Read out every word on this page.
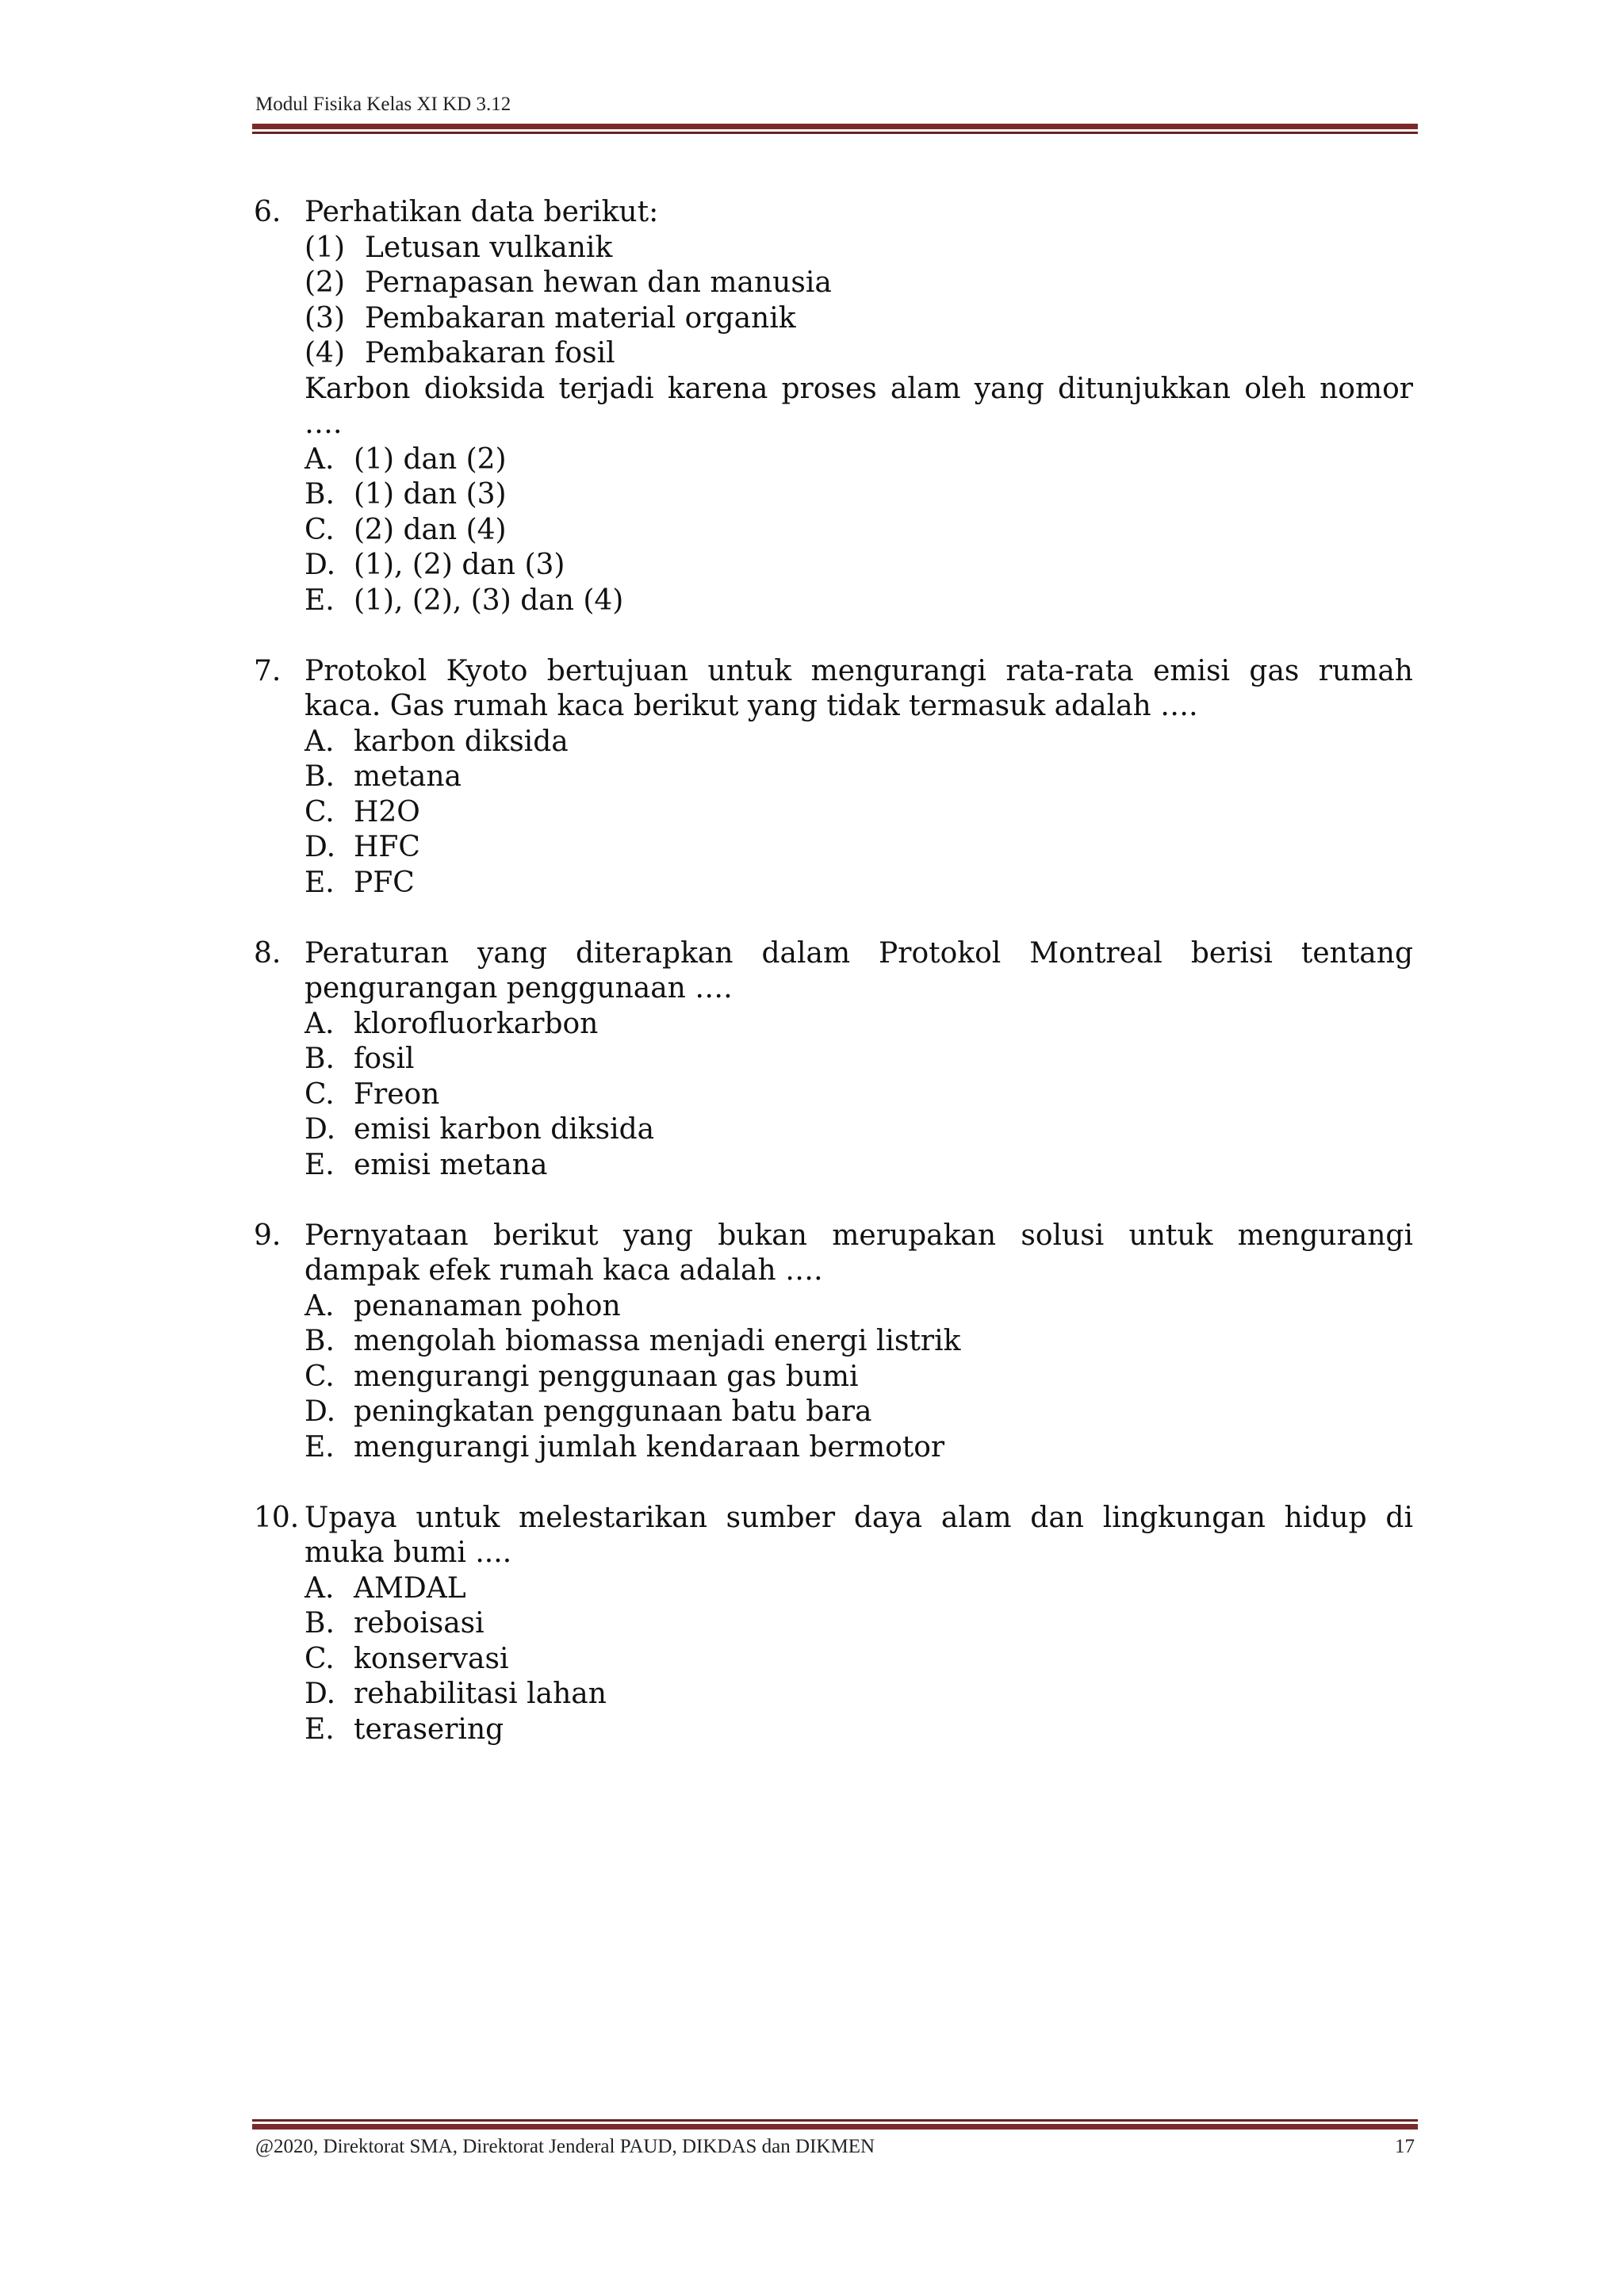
Modul Fisika Kelas XI KD 3.12
6. Perhatikan data berikut:
(1) Letusan vulkanik
(2) Pernapasan hewan dan manusia
(3) Pembakaran material organik
(4) Pembakaran fosil
Karbon dioksida terjadi karena proses alam yang ditunjukkan oleh nomor ….
A. (1) dan (2)
B. (1) dan (3)
C. (2) dan (4)
D. (1), (2) dan (3)
E. (1), (2), (3) dan (4)
7. Protokol Kyoto bertujuan untuk mengurangi rata-rata emisi gas rumah kaca. Gas rumah kaca berikut yang tidak termasuk adalah ….
A. karbon diksida
B. metana
C. H2O
D. HFC
E. PFC
8. Peraturan yang diterapkan dalam Protokol Montreal berisi tentang pengurangan penggunaan ….
A. klorofluorkarbon
B. fosil
C. Freon
D. emisi karbon diksida
E. emisi metana
9. Pernyataan berikut yang bukan merupakan solusi untuk mengurangi dampak efek rumah kaca adalah ….
A. penanaman pohon
B. mengolah biomassa menjadi energi listrik
C. mengurangi penggunaan gas bumi
D. peningkatan penggunaan batu bara
E. mengurangi jumlah kendaraan bermotor
10. Upaya untuk melestarikan sumber daya alam dan lingkungan hidup di muka bumi ....
A. AMDAL
B. reboisasi
C. konservasi
D. rehabilitasi lahan
E. terasering
@2020, Direktorat SMA, Direktorat Jenderal PAUD, DIKDAS dan DIKMEN	17
